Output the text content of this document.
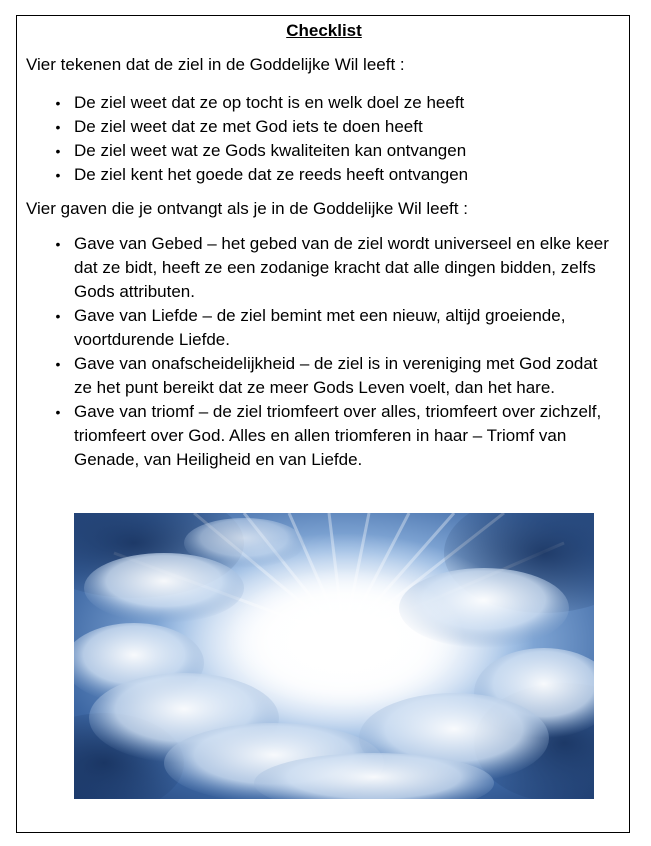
Checklist
Vier tekenen dat de ziel in de Goddelijke Wil leeft :
• De ziel weet dat ze op tocht is en welk doel ze heeft
• De ziel weet dat ze met God iets te doen heeft
• De ziel weet wat ze Gods kwaliteiten kan ontvangen
• De ziel kent het goede dat ze reeds heeft ontvangen
Vier gaven die je ontvangt als je in de Goddelijke Wil leeft :
• Gave van Gebed – het gebed van de ziel wordt universeel en elke keer dat ze bidt, heeft ze een zodanige kracht dat alle dingen bidden, zelfs Gods attributen.
• Gave van Liefde – de ziel bemint met een nieuw, altijd groeiende, voortdurende Liefde.
• Gave van onafscheidelijkheid – de ziel is in vereniging met God zodat ze het punt bereikt dat ze meer Gods Leven voelt, dan het hare.
• Gave van triomf – de ziel triomfeert over alles, triomfeert over zichzelf, triomfeert over God. Alles en allen triomferen in haar – Triomf van Genade, van Heiligheid en van Liefde.
